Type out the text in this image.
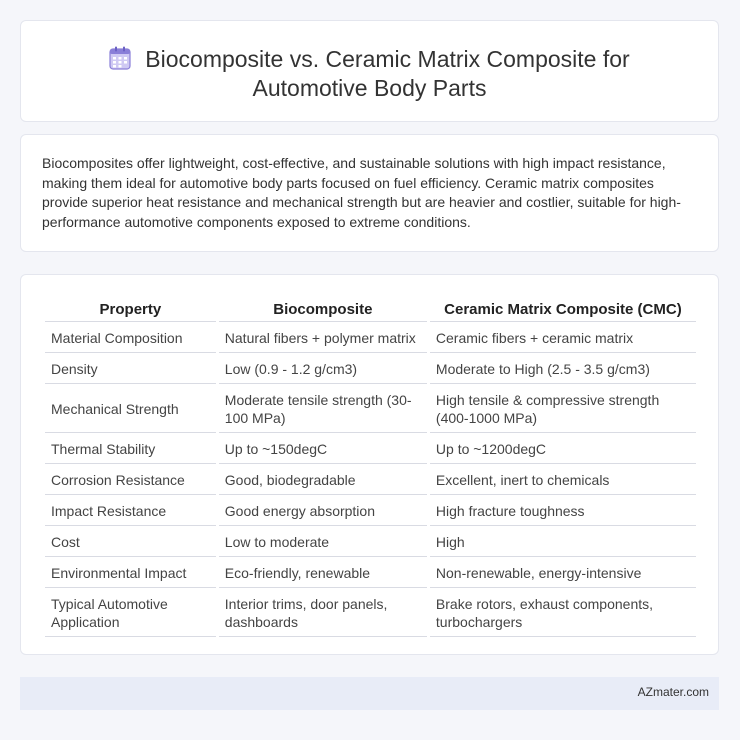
Biocomposite vs. Ceramic Matrix Composite for
Automotive Body Parts

Biocomposites offer lightweight, cost-effective, and sustainable solutions with high impact resistance, making them ideal for automotive body parts focused on fuel efficiency. Ceramic matrix composites provide superior heat resistance and mechanical strength but are heavier and costlier, suitable for high-performance automotive components exposed to extreme conditions.

Property	Biocomposite	Ceramic Matrix Composite (CMC)
Material Composition	Natural fibers + polymer matrix	Ceramic fibers + ceramic matrix
Density	Low (0.9 - 1.2 g/cm3)	Moderate to High (2.5 - 3.5 g/cm3)
Mechanical Strength	Moderate tensile strength (30-100 MPa)	High tensile & compressive strength (400-1000 MPa)
Thermal Stability	Up to ~150degC	Up to ~1200degC
Corrosion Resistance	Good, biodegradable	Excellent, inert to chemicals
Impact Resistance	Good energy absorption	High fracture toughness
Cost	Low to moderate	High
Environmental Impact	Eco-friendly, renewable	Non-renewable, energy-intensive
Typical Automotive Application	Interior trims, door panels, dashboards	Brake rotors, exhaust components, turbochargers
AZmater.com
